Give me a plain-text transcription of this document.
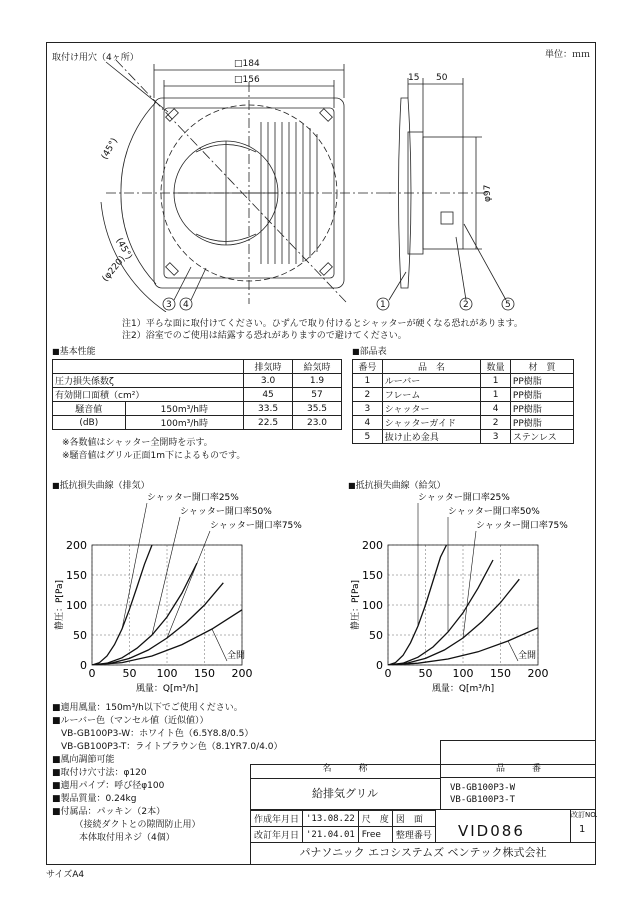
単位：ｍｍ
取付け用穴（4ヶ所）
□184
□156	15 50
(45°)
(45°)
(φ220)
φ97
3 4	1	2	5
注1）平らな面に取付けてください。ひずんで取り付けるとシャッターが硬くなる恐れがあります。
注2）浴室でのご使用は結露する恐れがありますので避けてください。
■ 基本性能
		排気時	給気時
圧力損失係数ζ		3.0	1.9
有効開口面積（cm²）		45	57
騒音値	150m³/h時	33.5	35.5
(dB)	100m³/h時	22.5	23.0
※各数値はシャッター全開時を示す。
※騒音値はグリル正面1m下によるものです。
■ 部品表
番号	品　名	数量	材　質
1	ルーバー	1	PP樹脂
2	フレーム	1	PP樹脂
3	シャッター	4	PP樹脂
4	シャッターガイド	2	PP樹脂
5	抜け止め金具	3	ステンレス
■ 抵抗損失曲線（排気）
0 50 100 150 200
0
50
100
150
200
風量：Q[m³/h]
静圧：P[Pa]
シャッター開口率25%
シャッター開口率50%
シャッター開口率75%
全開
■ 抵抗損失曲線（給気）
0 50 100 150 200
0
50
100
150
200
風量：Q[m³/h]
静圧：P[Pa]
シャッター開口率25%
シャッター開口率50%
シャッター開口率75%
全開
■適用風量：150m³/h以下でご使用ください。
■ルーバー色（マンセル値（近似値））
　VB-GB100P3-W：ホワイト色（6.5Y8.8/0.5）
　VB-GB100P3-T：ライトブラウン色（8.1YR7.0/4.0）
■風向調節可能
■取付け穴寸法：φ120
■適用パイプ：呼び径φ100
■製品質量：0.24kg
■付属品：パッキン（2本）
　　　（接続ダクトとの隙間防止用）
　　　本体取付用ネジ（4個）
名　　　称	品　　　番
給排気グリル	VB-GB100P3-W
VB-GB100P3-T
作成年月日	'13.08.22	尺　度	図　面
改訂年月日	'21.04.01	Free	整理番号 VID086
改訂NO.
1
パナソニック エコシステムズ ベンテック株式会社
サイズA4
